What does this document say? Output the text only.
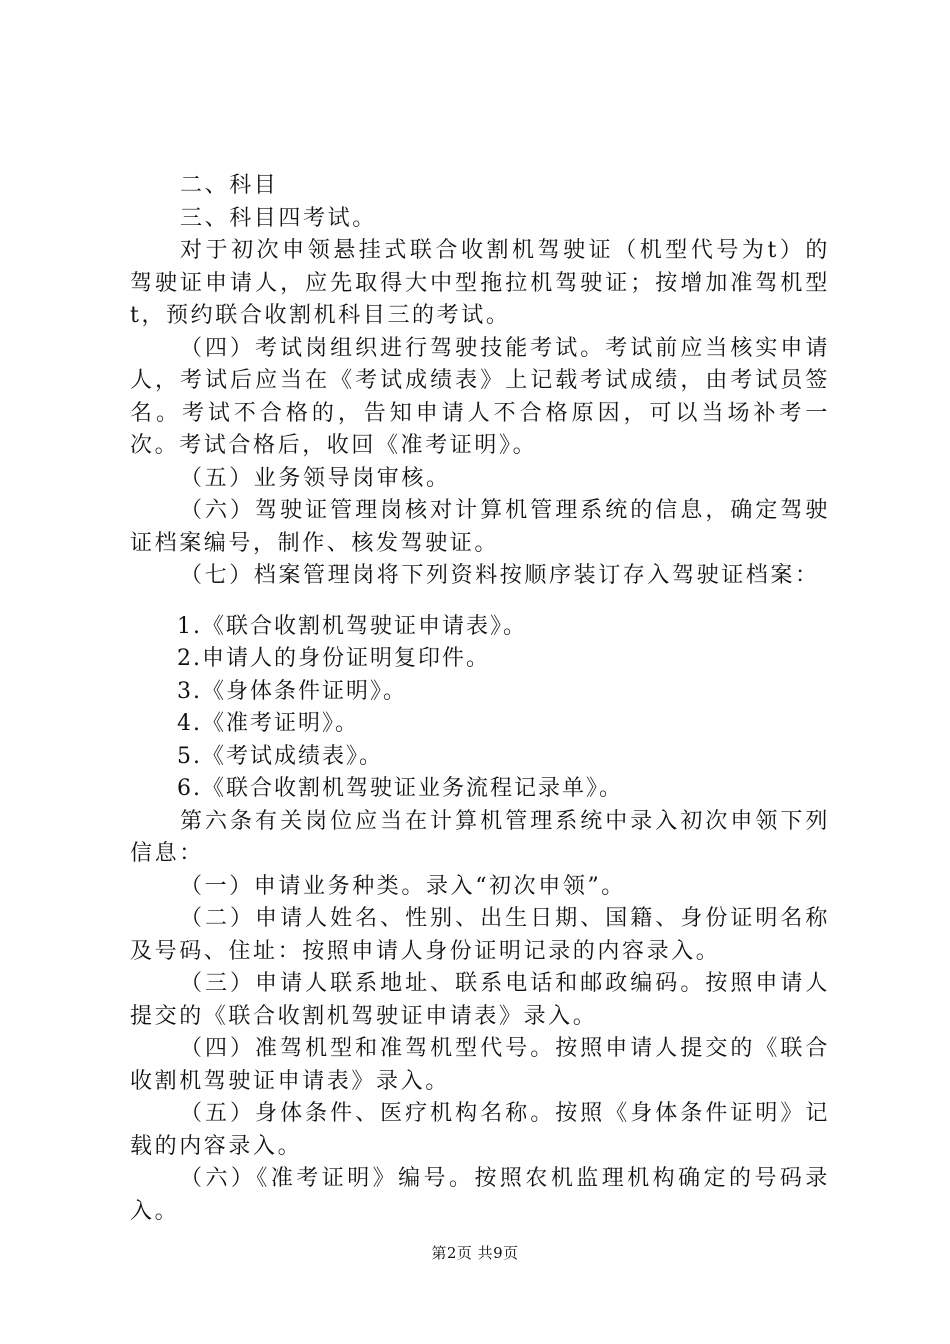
二、科目

三、科目四考试。

对于初次申领悬挂式联合收割机驾驶证（机型代号为t）的驾驶证申请人，应先取得大中型拖拉机驾驶证；按增加准驾机型t，预约联合收割机科目三的考试。

（四）考试岗组织进行驾驶技能考试。考试前应当核实申请人，考试后应当在《考试成绩表》上记载考试成绩，由考试员签名。考试不合格的，告知申请人不合格原因，可以当场补考一次。考试合格后，收回《准考证明》。

（五）业务领导岗审核。

（六）驾驶证管理岗核对计算机管理系统的信息，确定驾驶证档案编号，制作、核发驾驶证。

（七）档案管理岗将下列资料按顺序装订存入驾驶证档案：

1.《联合收割机驾驶证申请表》。

2.申请人的身份证明复印件。

3.《身体条件证明》。

4.《准考证明》。

5.《考试成绩表》。

6.《联合收割机驾驶证业务流程记录单》。

第六条有关岗位应当在计算机管理系统中录入初次申领下列信息：

（一）申请业务种类。录入“初次申领”。

（二）申请人姓名、性别、出生日期、国籍、身份证明名称及号码、住址：按照申请人身份证明记录的内容录入。

（三）申请人联系地址、联系电话和邮政编码。按照申请人提交的《联合收割机驾驶证申请表》录入。

（四）准驾机型和准驾机型代号。按照申请人提交的《联合收割机驾驶证申请表》录入。

（五）身体条件、医疗机构名称。按照《身体条件证明》记载的内容录入。

（六）《准考证明》编号。按照农机监理机构确定的号码录入。

第2页 共9页
